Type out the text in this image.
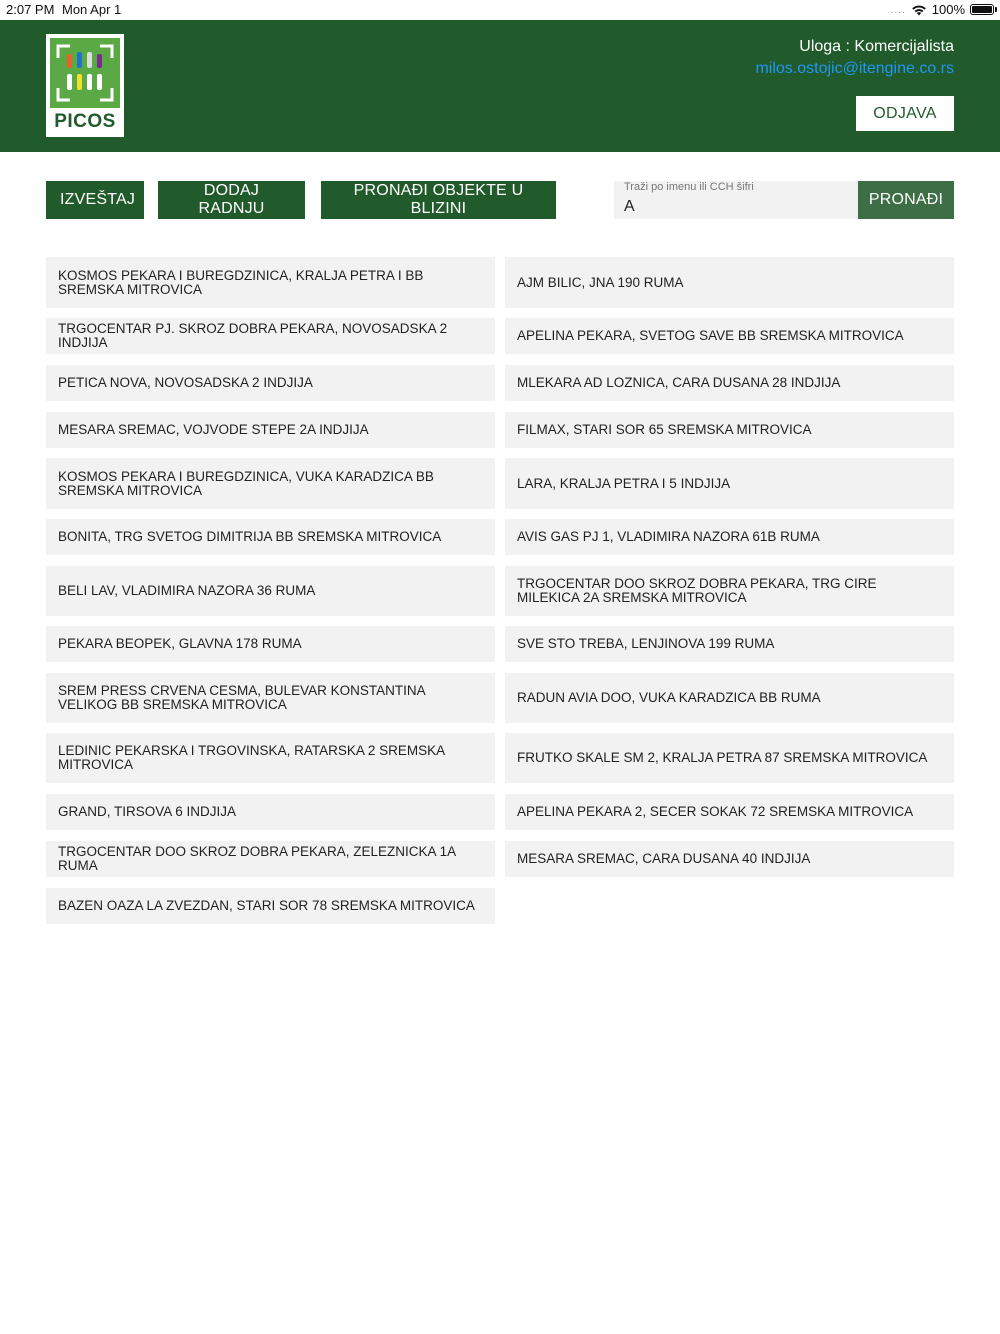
2:07 PM Mon Apr 1	.... 100%
PICOS
Uloga : Komercijalista
milos.ostojic@itengine.co.rs
ODJAVA
IZVEŠTAJ
DODAJ RADNJU
PRONAĐI OBJEKTE U BLIZINI
Traži po imenu ili CCH šifri
A
PRONAĐI
KOSMOS PEKARA I BUREGDZINICA, KRALJA PETRA I BB SREMSKA MITROVICA
TRGOCENTAR PJ. SKROZ DOBRA PEKARA, NOVOSADSKA 2 INDJIJA
PETICA NOVA, NOVOSADSKA 2 INDJIJA
MESARA SREMAC, VOJVODE STEPE 2A INDJIJA
KOSMOS PEKARA I BUREGDZINICA, VUKA KARADZICA BB SREMSKA MITROVICA
BONITA, TRG SVETOG DIMITRIJA BB SREMSKA MITROVICA
BELI LAV, VLADIMIRA NAZORA 36 RUMA
PEKARA BEOPEK, GLAVNA 178 RUMA
SREM PRESS CRVENA CESMA, BULEVAR KONSTANTINA VELIKOG BB SREMSKA MITROVICA
LEDINIC PEKARSKA I TRGOVINSKA, RATARSKA 2 SREMSKA MITROVICA
GRAND, TIRSOVA 6 INDJIJA
TRGOCENTAR DOO SKROZ DOBRA PEKARA, ZELEZNICKA 1A RUMA
BAZEN OAZA LA ZVEZDAN, STARI SOR 78 SREMSKA MITROVICA
AJM BILIC, JNA 190 RUMA
APELINA PEKARA, SVETOG SAVE BB SREMSKA MITROVICA
MLEKARA AD LOZNICA, CARA DUSANA 28 INDJIJA
FILMAX, STARI SOR 65 SREMSKA MITROVICA
LARA, KRALJA PETRA I 5 INDJIJA
AVIS GAS PJ 1, VLADIMIRA NAZORA 61B RUMA
TRGOCENTAR DOO SKROZ DOBRA PEKARA, TRG CIRE MILEKICA 2A SREMSKA MITROVICA
SVE STO TREBA, LENJINOVA 199 RUMA
RADUN AVIA DOO, VUKA KARADZICA BB RUMA
FRUTKO SKALE SM 2, KRALJA PETRA 87 SREMSKA MITROVICA
APELINA PEKARA 2, SECER SOKAK 72 SREMSKA MITROVICA
MESARA SREMAC, CARA DUSANA 40 INDJIJA
